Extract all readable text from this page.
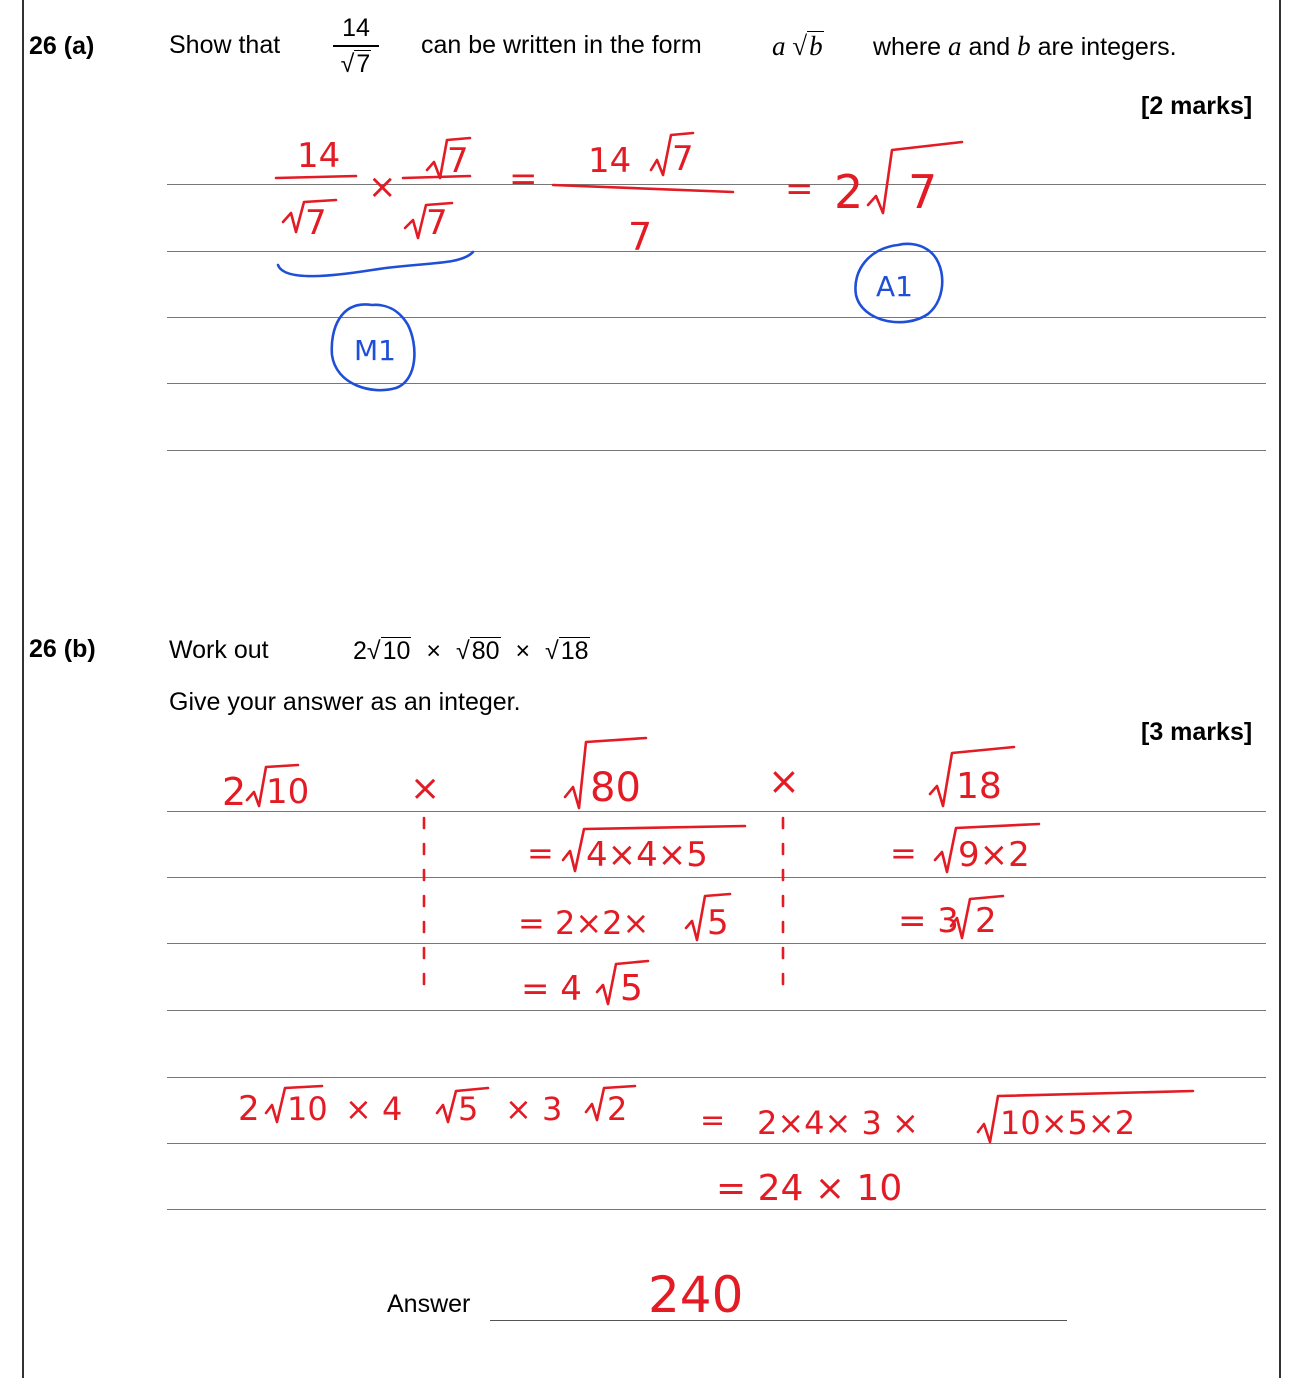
26 (a)	Show that
14
√7
can be written in the form	a √b where a and b are integers.
[2 marks]
26 (b)	Work out	2√10 × √80 × √18
Give your answer as an integer.
[3 marks]
Answer
14
7
×
7
7
= 14 7
7
= 2 7
2 10	×	80	×	18
= 4×4×5
= 2×2× 5
= 4 5
= 9×2
= 3 2
2 10 × 4 5 × 3 2 = 2×4× 3 ×	10×5×2
= 24 × 10
240
M1
A1
